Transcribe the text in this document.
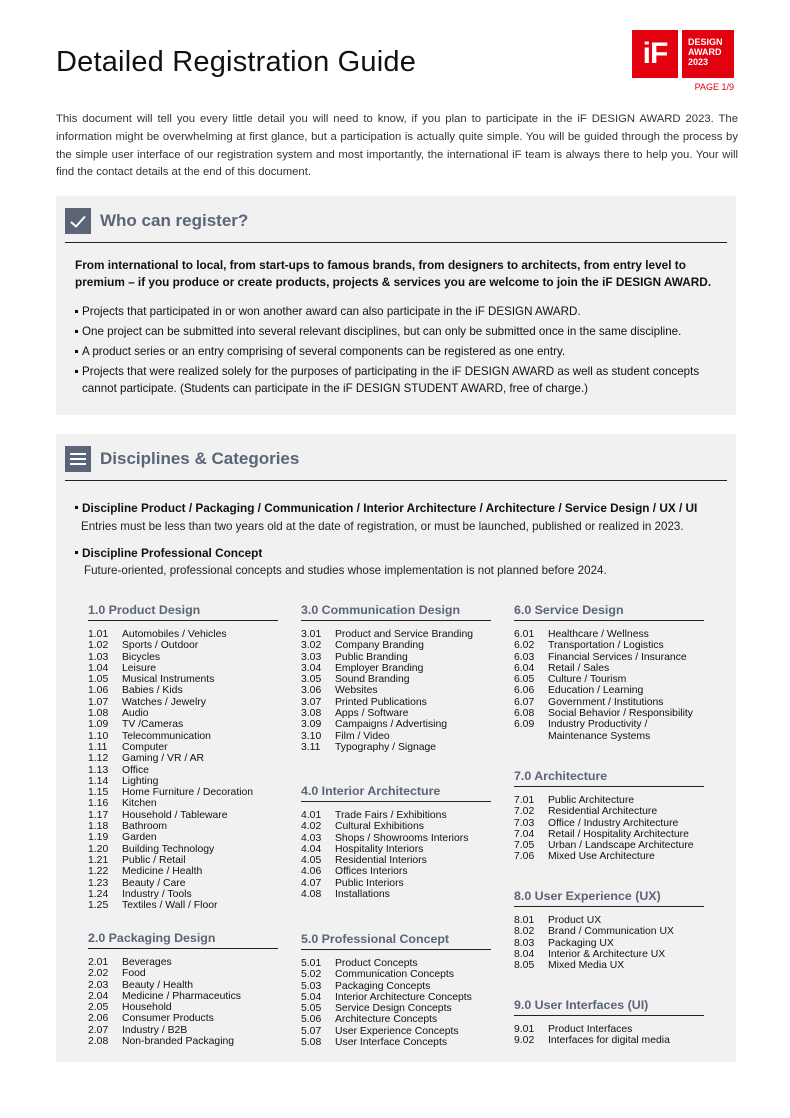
Detailed Registration Guide	iF	DESIGN
AWARD
2023
PAGE 1/9
This document will tell you every little detail you will need to know, if you plan to participate in the iF DESIGN AWARD 2023. The information might be overwhelming at first glance, but a participation is actually quite simple. You will be guided through the process by the simple user interface of our registration system and most importantly, the international iF team is always there to help you. Your will find the contact details at the end of this document.
Who can register?
From international to local, from start-ups to famous brands, from designers to architects, from entry level to premium – if you produce or create products, projects & services you are welcome to join the iF DESIGN AWARD.
Projects that participated in or won another award can also participate in the iF DESIGN AWARD.
One project can be submitted into several relevant disciplines, but can only be submitted once in the same discipline.
A product series or an entry comprising of several components can be registered as one entry.
Projects that were realized solely for the purposes of participating in the iF DESIGN AWARD as well as student concepts cannot participate. (Students can participate in the iF DESIGN STUDENT AWARD, free of charge.)
Disciplines & Categories
Discipline Product / Packaging / Communication / Interior Architecture / Architecture / Service Design / UX / UI
Entries must be less than two years old at the date of registration, or must be launched, published or realized in 2023.
Discipline Professional Concept
Future-oriented, professional concepts and studies whose implementation is not planned before 2024.
1.0 Product Design
1.01	Automobiles / Vehicles
1.02	Sports / Outdoor
1.03	Bicycles
1.04	Leisure
1.05	Musical Instruments
1.06	Babies / Kids
1.07	Watches / Jewelry
1.08	Audio
1.09	TV /Cameras
1.10	Telecommunication
1.11	Computer
1.12	Gaming / VR / AR
1.13	Office
1.14	Lighting
1.15	Home Furniture / Decoration
1.16	Kitchen
1.17	Household / Tableware
1.18	Bathroom
1.19	Garden
1.20	Building Technology
1.21	Public / Retail
1.22	Medicine / Health
1.23	Beauty / Care
1.24	Industry / Tools
1.25	Textiles / Wall / Floor
2.0 Packaging Design
2.01	Beverages
2.02	Food
2.03	Beauty / Health
2.04	Medicine / Pharmaceutics
2.05	Household
2.06	Consumer Products
2.07	Industry / B2B
2.08	Non-branded Packaging
3.0 Communication Design
3.01	Product and Service Branding
3.02	Company Branding
3.03	Public Branding
3.04	Employer Branding
3.05	Sound Branding
3.06	Websites
3.07	Printed Publications
3.08	Apps / Software
3.09	Campaigns / Advertising
3.10	Film / Video
3.11	Typography / Signage
4.0 Interior Architecture
4.01	Trade Fairs / Exhibitions
4.02	Cultural Exhibitions
4.03	Shops / Showrooms Interiors
4.04	Hospitality Interiors
4.05	Residential Interiors
4.06	Offices Interiors
4.07	Public Interiors
4.08	Installations
5.0 Professional Concept
5.01	Product Concepts
5.02	Communication Concepts
5.03	Packaging Concepts
5.04	Interior Architecture Concepts
5.05	Service Design Concepts
5.06	Architecture Concepts
5.07	User Experience Concepts
5.08	User Interface Concepts
6.0 Service Design
6.01	Healthcare / Wellness
6.02	Transportation / Logistics
6.03	Financial Services / Insurance
6.04	Retail / Sales
6.05	Culture / Tourism
6.06	Education / Learning
6.07	Government / Institutions
6.08	Social Behavior / Responsibility
6.09	Industry Productivity / Maintenance Systems
7.0 Architecture
7.01	Public Architecture
7.02	Residential Architecture
7.03	Office / Industry Architecture
7.04	Retail / Hospitality Architecture
7.05	Urban / Landscape Architecture
7.06	Mixed Use Architecture
8.0 User Experience (UX)
8.01	Product UX
8.02	Brand / Communication UX
8.03	Packaging UX
8.04	Interior & Architecture UX
8.05	Mixed Media UX
9.0 User Interfaces (UI)
9.01	Product Interfaces
9.02	Interfaces for digital media
